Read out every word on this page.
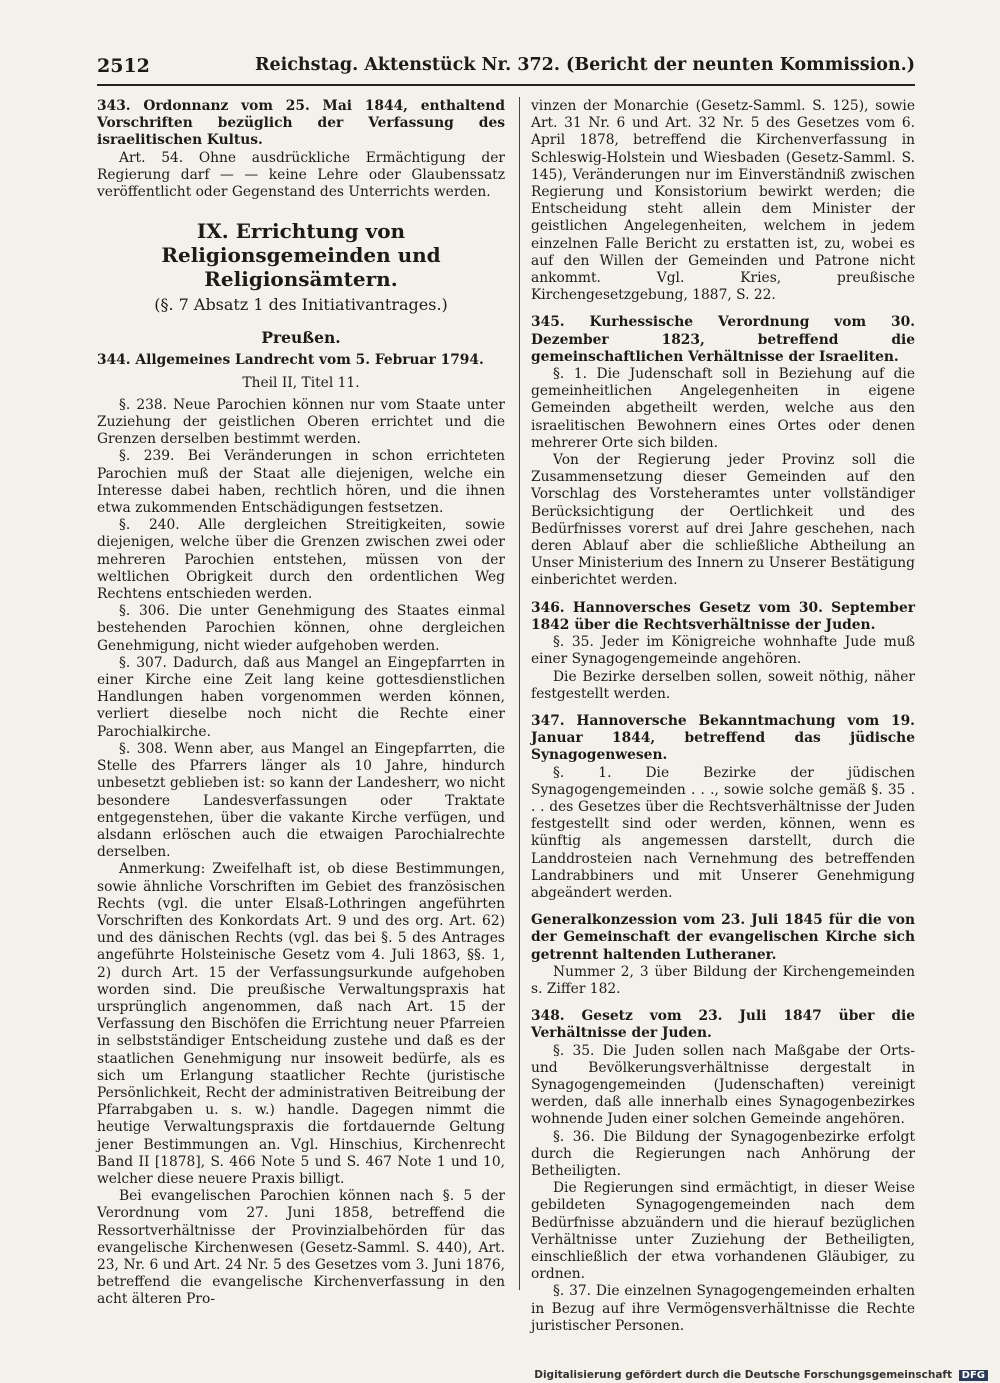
2512	Reichstag. Aktenstück Nr. 372. (Bericht der neunten Kommission.)

343. Ordonnanz vom 25. Mai 1844, enthaltend Vorschriften bezüglich der Verfassung des israelitischen Kultus.

Art. 54. Ohne ausdrückliche Ermächtigung der Regierung darf — — keine Lehre oder Glaubenssatz veröffentlicht oder Gegenstand des Unterrichts werden.

IX. Errichtung von Religionsgemeinden und Religionsämtern.

(§. 7 Absatz 1 des Initiativantrages.)

Preußen.

344. Allgemeines Landrecht vom 5. Februar 1794.

Theil II, Titel 11.

§. 238. Neue Parochien können nur vom Staate unter Zuziehung der geistlichen Oberen errichtet und die Grenzen derselben bestimmt werden.

§. 239. Bei Veränderungen in schon errichteten Parochien muß der Staat alle diejenigen, welche ein Interesse dabei haben, rechtlich hören, und die ihnen etwa zukommenden Entschädigungen festsetzen.

§. 240. Alle dergleichen Streitigkeiten, sowie diejenigen, welche über die Grenzen zwischen zwei oder mehreren Parochien entstehen, müssen von der weltlichen Obrigkeit durch den ordentlichen Weg Rechtens entschieden werden.

§. 306. Die unter Genehmigung des Staates einmal bestehenden Parochien können, ohne dergleichen Genehmigung, nicht wieder aufgehoben werden.

§. 307. Dadurch, daß aus Mangel an Eingepfarrten in einer Kirche eine Zeit lang keine gottesdienstlichen Handlungen haben vorgenommen werden können, verliert dieselbe noch nicht die Rechte einer Parochialkirche.

§. 308. Wenn aber, aus Mangel an Eingepfarrten, die Stelle des Pfarrers länger als 10 Jahre, hindurch unbesetzt geblieben ist: so kann der Landesherr, wo nicht besondere Landesverfassungen oder Traktate entgegenstehen, über die vakante Kirche verfügen, und alsdann erlöschen auch die etwaigen Parochialrechte derselben.

Anmerkung: Zweifelhaft ist, ob diese Bestimmungen, sowie ähnliche Vorschriften im Gebiet des französischen Rechts (vgl. die unter Elsaß-Lothringen angeführten Vorschriften des Konkordats Art. 9 und des org. Art. 62) und des dänischen Rechts (vgl. das bei §. 5 des Antrages angeführte Holsteinische Gesetz vom 4. Juli 1863, §§. 1, 2) durch Art. 15 der Verfassungsurkunde aufgehoben worden sind. Die preußische Verwaltungspraxis hat ursprünglich angenommen, daß nach Art. 15 der Verfassung den Bischöfen die Errichtung neuer Pfarreien in selbstständiger Entscheidung zustehe und daß es der staatlichen Genehmigung nur insoweit bedürfe, als es sich um Erlangung staatlicher Rechte (juristische Persönlichkeit, Recht der administrativen Beitreibung der Pfarrabgaben u. s. w.) handle. Dagegen nimmt die heutige Verwaltungspraxis die fortdauernde Geltung jener Bestimmungen an. Vgl. Hinschius, Kirchenrecht Band II [1878], S. 466 Note 5 und S. 467 Note 1 und 10, welcher diese neuere Praxis billigt.

Bei evangelischen Parochien können nach §. 5 der Verordnung vom 27. Juni 1858, betreffend die Ressortverhältnisse der Provinzialbehörden für das evangelische Kirchenwesen (Gesetz-Samml. S. 440), Art. 23, Nr. 6 und Art. 24 Nr. 5 des Gesetzes vom 3. Juni 1876, betreffend die evangelische Kirchenverfassung in den acht älteren Pro-

vinzen der Monarchie (Gesetz-Samml. S. 125), sowie Art. 31 Nr. 6 und Art. 32 Nr. 5 des Gesetzes vom 6. April 1878, betreffend die Kirchenverfassung in Schleswig-Holstein und Wiesbaden (Gesetz-Samml. S. 145), Veränderungen nur im Einverständniß zwischen Regierung und Konsistorium bewirkt werden; die Entscheidung steht allein dem Minister der geistlichen Angelegenheiten, welchem in jedem einzelnen Falle Bericht zu erstatten ist, zu, wobei es auf den Willen der Gemeinden und Patrone nicht ankommt. Vgl. Kries, preußische Kirchengesetzgebung, 1887, S. 22.

345. Kurhessische Verordnung vom 30. Dezember 1823, betreffend die gemeinschaftlichen Verhältnisse der Israeliten.

§. 1. Die Judenschaft soll in Beziehung auf die gemeinheitlichen Angelegenheiten in eigene Gemeinden abgetheilt werden, welche aus den israelitischen Bewohnern eines Ortes oder denen mehrerer Orte sich bilden.

Von der Regierung jeder Provinz soll die Zusammensetzung dieser Gemeinden auf den Vorschlag des Vorsteheramtes unter vollständiger Berücksichtigung der Oertlichkeit und des Bedürfnisses vorerst auf drei Jahre geschehen, nach deren Ablauf aber die schließliche Abtheilung an Unser Ministerium des Innern zu Unserer Bestätigung einberichtet werden.

346. Hannoversches Gesetz vom 30. September 1842 über die Rechtsverhältnisse der Juden.

§. 35. Jeder im Königreiche wohnhafte Jude muß einer Synagogengemeinde angehören.

Die Bezirke derselben sollen, soweit nöthig, näher festgestellt werden.

347. Hannoversche Bekanntmachung vom 19. Januar 1844, betreffend das jüdische Synagogenwesen.

§. 1. Die Bezirke der jüdischen Synagogengemeinden . . ., sowie solche gemäß §. 35 . . . des Gesetzes über die Rechtsverhältnisse der Juden festgestellt sind oder werden, können, wenn es künftig als angemessen darstellt, durch die Landdrosteien nach Vernehmung des betreffenden Landrabbiners und mit Unserer Genehmigung abgeändert werden.

Generalkonzession vom 23. Juli 1845 für die von der Gemeinschaft der evangelischen Kirche sich getrennt haltenden Lutheraner.

Nummer 2, 3 über Bildung der Kirchengemeinden s. Ziffer 182.

348. Gesetz vom 23. Juli 1847 über die Verhältnisse der Juden.

§. 35. Die Juden sollen nach Maßgabe der Orts- und Bevölkerungsverhältnisse dergestalt in Synagogengemeinden (Judenschaften) vereinigt werden, daß alle innerhalb eines Synagogenbezirkes wohnende Juden einer solchen Gemeinde angehören.

§. 36. Die Bildung der Synagogenbezirke erfolgt durch die Regierungen nach Anhörung der Betheiligten.

Die Regierungen sind ermächtigt, in dieser Weise gebildeten Synagogengemeinden nach dem Bedürfnisse abzuändern und die hierauf bezüglichen Verhältnisse unter Zuziehung der Betheiligten, einschließlich der etwa vorhandenen Gläubiger, zu ordnen.

§. 37. Die einzelnen Synagogengemeinden erhalten in Bezug auf ihre Vermögensverhältnisse die Rechte juristischer Personen.

Digitalisierung gefördert durch die Deutsche Forschungsgemeinschaft DFG
